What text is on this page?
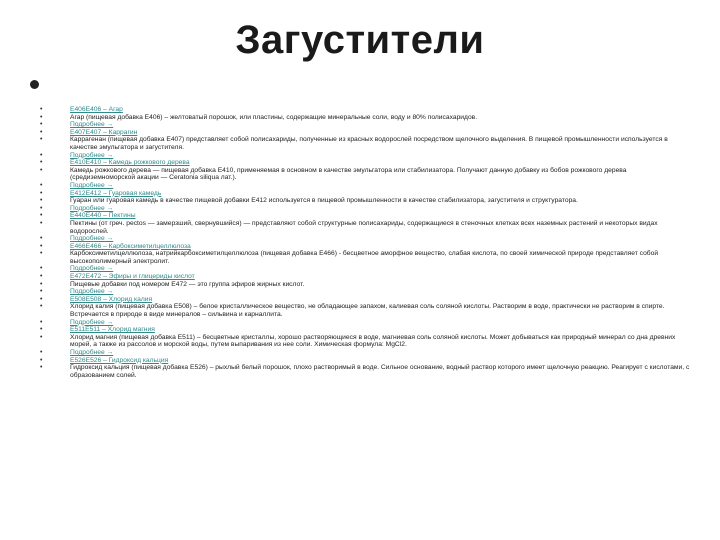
Загустители
• E406E406 – Агар
• Агар (пищевая добавка E406) – желтоватый порошок, или пластины, содержащие минеральные соли, воду и 80% полисахаридов.
• Подробнее →
• E407E407 – Каррагин
• Каррагенан (пищевая добавка E407) представляет собой полисахариды, полученные из красных водорослей посредством щелочного выделения. В пищевой промышленности используется в качестве эмульгатора и загустителя.
• Подробнее →
• E410E410 – Камедь рожкового дерева
• Камедь рожкового дерева — пищевая добавка E410, применяемая в основном в качестве эмульгатора или стабилизатора. Получают данную добавку из бобов рожкового дерева (средиземноморской акации — Ceratonia siliqua лат.).
• Подробнее →
• E412E412 – Гуаровая камедь
• Гуаран или гуаровая камедь в качестве пищевой добавки E412 используется в пищевой промышленности в качестве стабилизатора, загустителя и структуратора.
• Подробнее →
• E440E440 – Пектины
• Пектины (от греч. pectos — замерзший, свернувшийся) — представляют собой структурные полисахариды, содержащиеся в стеночных клетках всех наземных растений и некоторых видах водорослей.
• Подробнее →
• E466E466 – Карбоксиметилцеллюлоза
• Карбоксиметилцеллюлоза, натрийкарбоксиметилцеллюлоза (пищевая добавка E466) - бесцветное аморфное вещество, слабая кислота, по своей химической природе представляет собой высокополимерный электролит.
• Подробнее →
• E472E472 – Эфиры и глицериды кислот
• Пищевые добавки под номером E472 — это группа эфиров жирных кислот.
• Подробнее →
• E508E508 – Хлорид калия
• Хлорид калия (пищевая добавка E508) – белое кристаллическое вещество, не обладающее запахом, калиевая соль соляной кислоты. Растворим в воде, практически не растворим в спирте. Встречается в природе в виде минералов – сильвина и карналлита.
• Подробнее →
• E511E511 – Хлорид магния
• Хлорид магния (пищевая добавка E511) – бесцветные кристаллы, хорошо растворяющиеся в воде, магниевая соль соляной кислоты. Может добываться как природный минерал со дна древних морей, а также из рассолов и морской воды, путем выпаривания из нее соли. Химическая формула: MgCl2.
• Подробнее →
• E526E526 – Гидроксид кальция
• Гидроксид кальция (пищевая добавка E526) – рыхлый белый порошок, плохо растворимый в воде. Сильное основание, водный раствор которого имеет щелочную реакцию. Реагирует с кислотами, с образованием солей.
